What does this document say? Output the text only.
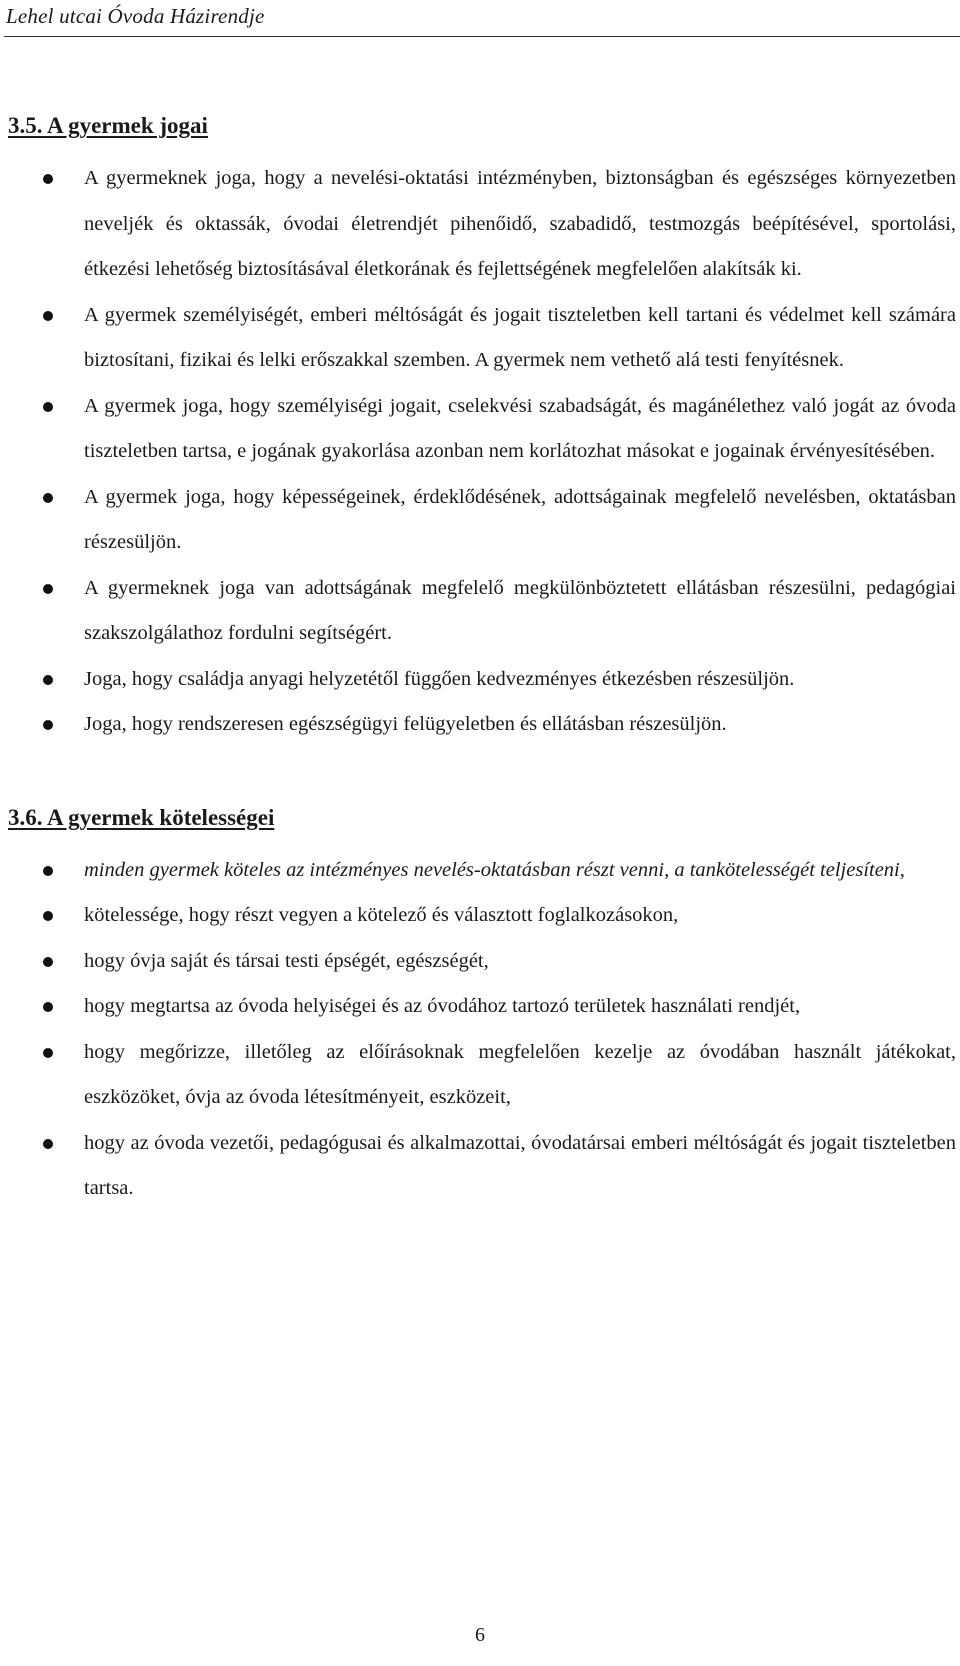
Lehel utcai Óvoda Házirendje
3.5. A gyermek jogai
A gyermeknek joga, hogy a nevelési-oktatási intézményben, biztonságban és egészséges környezetben neveljék és oktassák, óvodai életrendjét pihenőidő, szabadidő, testmozgás beépítésével, sportolási, étkezési lehetőség biztosításával életkorának és fejlettségének megfelelően alakítsák ki.
A gyermek személyiségét, emberi méltóságát és jogait tiszteletben kell tartani és védelmet kell számára biztosítani, fizikai és lelki erőszakkal szemben. A gyermek nem vethető alá testi fenyítésnek.
A gyermek joga, hogy személyiségi jogait, cselekvési szabadságát, és magánélethez való jogát az óvoda tiszteletben tartsa, e jogának gyakorlása azonban nem korlátozhat másokat e jogainak érvényesítésében.
A gyermek joga, hogy képességeinek, érdeklődésének, adottságainak megfelelő nevelésben, oktatásban részesüljön.
A gyermeknek joga van adottságának megfelelő megkülönböztetett ellátásban részesülni, pedagógiai szakszolgálathoz fordulni segítségért.
Joga, hogy családja anyagi helyzetétől függően kedvezményes étkezésben részesüljön.
Joga, hogy rendszeresen egészségügyi felügyeletben és ellátásban részesüljön.
3.6. A gyermek kötelességei
minden gyermek köteles az intézményes nevelés-oktatásban részt venni, a tankötelességét teljesíteni,
kötelessége, hogy részt vegyen a kötelező és választott foglalkozásokon,
hogy óvja saját és társai testi épségét, egészségét,
hogy megtartsa az óvoda helyiségei és az óvodához tartozó területek használati rendjét,
hogy megőrizze, illetőleg az előírásoknak megfelelően kezelje az óvodában használt játékokat, eszközöket, óvja az óvoda létesítményeit, eszközeit,
hogy az óvoda vezetői, pedagógusai és alkalmazottai, óvodatársai emberi méltóságát és jogait tiszteletben tartsa.
6
